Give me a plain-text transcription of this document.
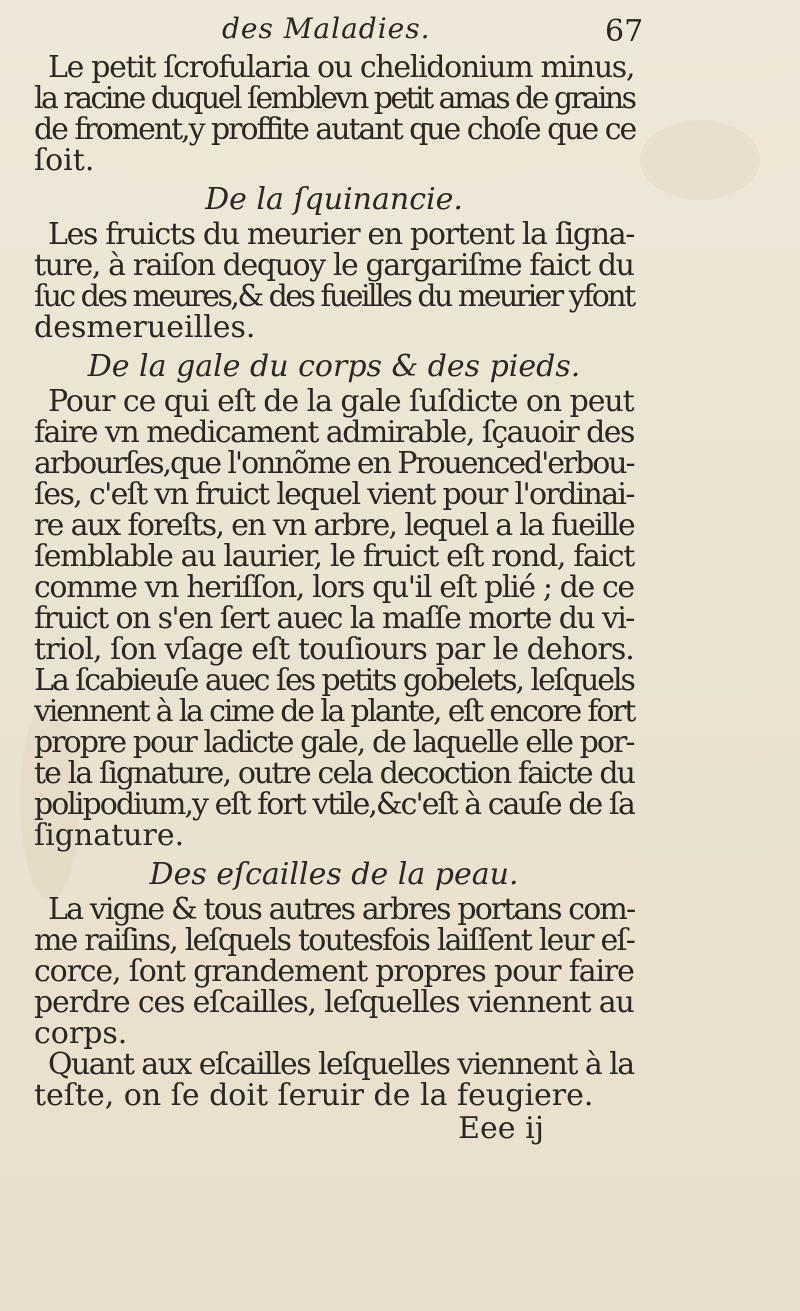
des Maladies.	67
Le petit ſcrofularia ou chelidonium minus,
la racine duquel ſemblevn petit amas de grains
de froment,y proffite autant que choſe que ce
ſoit.
De la ſquinancie.
Les fruicts du meurier en portent la ſigna-
ture, à raiſon dequoy le gargariſme faict du
ſuc des meures,& des fueilles du meurier yfont
desmerueilles.
De la gale du corps & des pieds.
Pour ce qui eſt de la gale ſuſdicte on peut
faire vn medicament admirable, ſçauoir des
arbourſes,que l'onnõme en Prouenced'erbou-
ſes, c'eſt vn fruict lequel vient pour l'ordinai-
re aux foreſts, en vn arbre, lequel a la fueille
ſemblable au laurier, le fruict eſt rond, faict
comme vn heriſſon, lors qu'il eſt plié ; de ce
fruict on s'en ſert auec la maſſe morte du vi-
triol, ſon vſage eſt touſiours par le dehors.
La ſcabieuſe auec ſes petits gobelets, leſquels
viennent à la cime de la plante, eſt encore fort
propre pour ladicte gale, de laquelle elle por-
te la ſignature, outre cela decoction faicte du
polipodium,y eſt fort vtile,&c'eſt à cauſe de ſa
ſignature.
Des eſcailles de la peau.
La vigne & tous autres arbres portans com-
me raiſins, leſquels toutesfois laiſſent leur eſ-
corce, ſont grandement propres pour faire
perdre ces eſcailles, leſquelles viennent au
corps.
Quant aux eſcailles leſquelles viennent à la
teſte, on ſe doit ſeruir de la feugiere.
Eee ij
